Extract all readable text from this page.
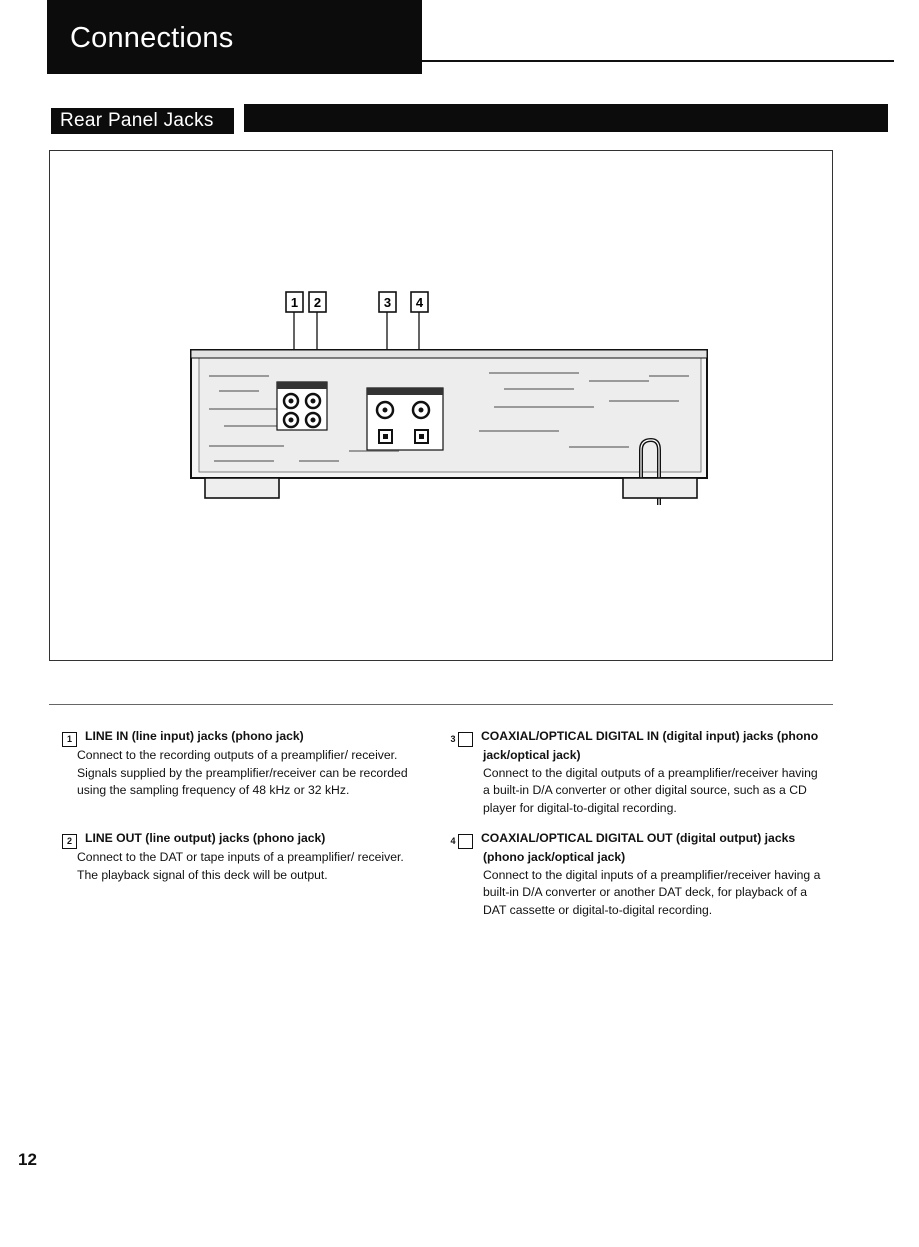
Connections
Rear Panel Jacks
1 2	3 4
1 LINE IN (line input) jacks (phono jack)
Connect to the recording outputs of a preamplifier/ receiver. Signals supplied by the preamplifier/receiver can be recorded using the sampling frequency of 48 kHz or 32 kHz.
2 LINE OUT (line output) jacks (phono jack)
Connect to the DAT or tape inputs of a preamplifier/ receiver. The playback signal of this deck will be output.
3 COAXIAL/OPTICAL DIGITAL IN (digital input) jacks (phono jack/optical jack)
Connect to the digital outputs of a preamplifier/receiver having a built-in D/A converter or other digital source, such as a CD player for digital-to-digital recording.
4 COAXIAL/OPTICAL DIGITAL OUT (digital output) jacks (phono jack/optical jack)
Connect to the digital inputs of a preamplifier/receiver having a built-in D/A converter or another DAT deck, for playback of a DAT cassette or digital-to-digital recording.
12
